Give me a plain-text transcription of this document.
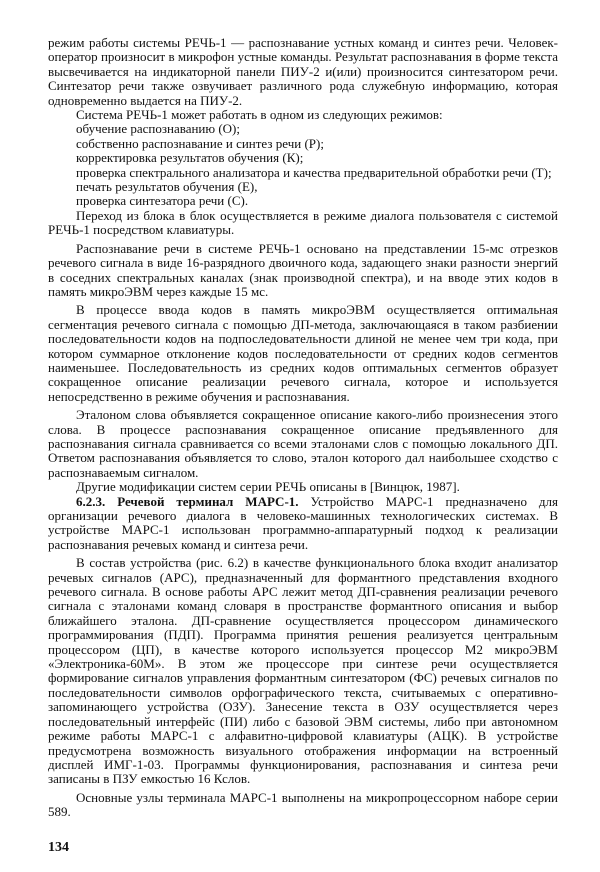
режим работы системы РЕЧЬ-1 — распознавание устных команд и синтез речи. Человек-оператор произносит в микрофон устные команды. Результат распознавания в форме текста высвечивается на индикаторной панели ПИУ-2 и(или) произносится синтезатором речи. Синтезатор речи также озвучивает различного рода служебную информацию, которая одновременно выдается на ПИУ-2.

Система РЕЧЬ-1 может работать в одном из следующих режимов:

обучение распознаванию (О);

собственно распознавание и синтез речи (Р);

корректировка результатов обучения (К);

проверка спектрального анализатора и качества предварительной обработки речи (Т);

печать результатов обучения (Е),

проверка синтезатора речи (С).

Переход из блока в блок осуществляется в режиме диалога пользователя с системой РЕЧЬ-1 посредством клавиатуры.

Распознавание речи в системе РЕЧЬ-1 основано на представлении 15-мс отрезков речевого сигнала в виде 16-разрядного двоичного кода, задающего знаки разности энергий в соседних спектральных каналах (знак производной спектра), и на вводе этих кодов в память микроЭВМ через каждые 15 мс.

В процессе ввода кодов в память микроЭВМ осуществляется оптимальная сегментация речевого сигнала с помощью ДП-метода, заключающаяся в таком разбиении последовательности кодов на подпоследовательности длиной не менее чем три кода, при котором суммарное отклонение кодов последовательности от средних кодов сегментов наименьшее. Последовательность из средних кодов оптимальных сегментов образует сокращенное описание реализации речевого сигнала, которое и используется непосредственно в режиме обучения и распознавания.

Эталоном слова объявляется сокращенное описание какого-либо произнесения этого слова. В процессе распознавания сокращенное описание предъявленного для распознавания сигнала сравнивается со всеми эталонами слов с помощью локального ДП. Ответом распознавания объявляется то слово, эталон которого дал наибольшее сходство с распознаваемым сигналом.

Другие модификации систем серии РЕЧЬ описаны в [Винцюк, 1987].

6.2.3. Речевой терминал МАРС-1. Устройство МАРС-1 предназначено для организации речевого диалога в человеко-машинных технологических системах. В устройстве МАРС-1 использован программно-аппаратурный подход к реализации распознавания речевых команд и синтеза речи.

В состав устройства (рис. 6.2) в качестве функционального блока входит анализатор речевых сигналов (АРС), предназначенный для формантного представления входного речевого сигнала. В основе работы АРС лежит метод ДП-сравнения реализации речевого сигнала с эталонами команд словаря в пространстве формантного описания и выбор ближайшего эталона. ДП-сравнение осуществляется процессором динамического программирования (ПДП). Программа принятия решения реализуется центральным процессором (ЦП), в качестве которого используется процессор М2 микроЭВМ «Электроника-60М». В этом же процессоре при синтезе речи осуществляется формирование сигналов управления формантным синтезатором (ФС) речевых сигналов по последовательности символов орфографического текста, считываемых с оперативно-запоминающего устройства (ОЗУ). Занесение текста в ОЗУ осуществляется через последовательный интерфейс (ПИ) либо с базовой ЭВМ системы, либо при автономном режиме работы МАРС-1 с алфавитно-цифровой клавиатуры (АЦК). В устройстве предусмотрена возможность визуального отображения информации на встроенный дисплей ИМГ-1-03. Программы функционирования, распознавания и синтеза речи записаны в ПЗУ емкостью 16 Кслов.

Основные узлы терминала МАРС-1 выполнены на микропроцессорном наборе серии 589.

134
